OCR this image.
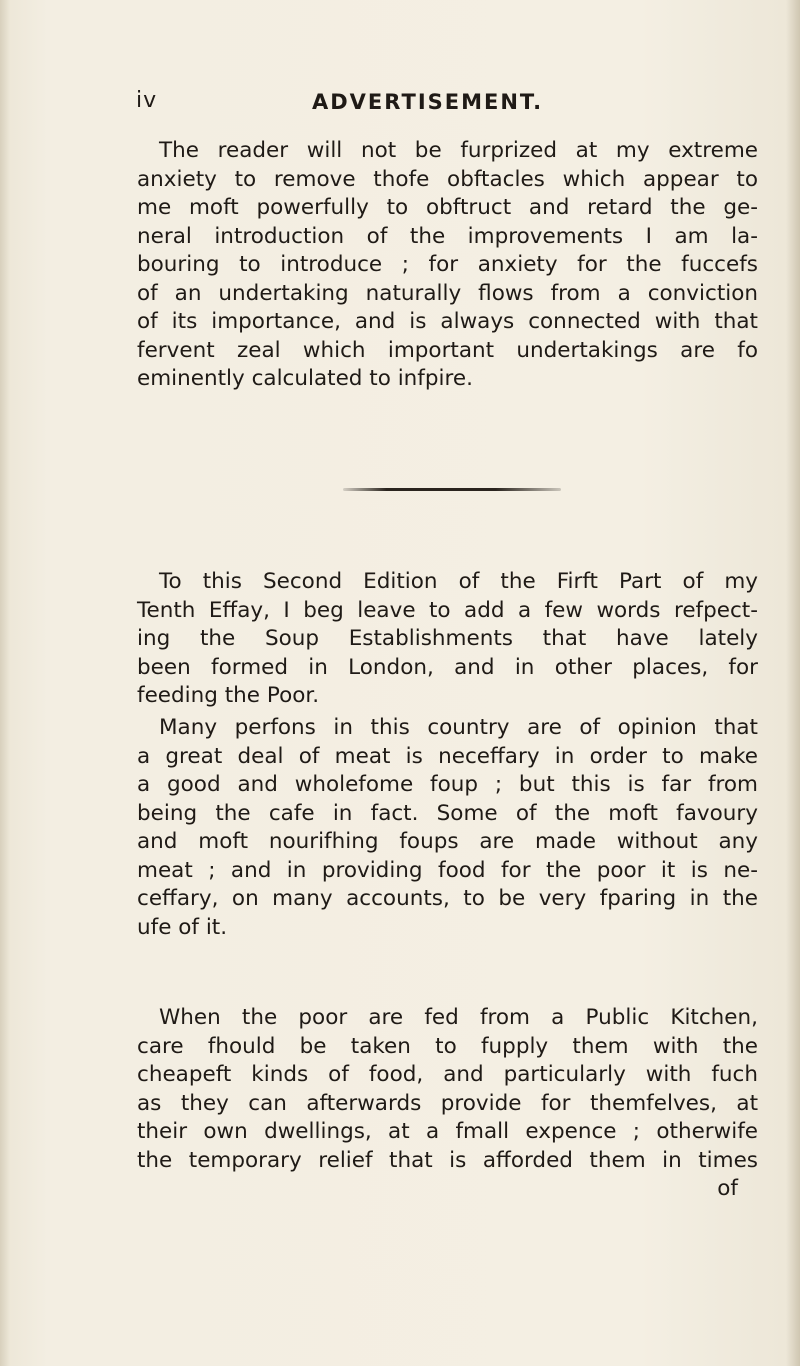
iv	ADVERTISEMENT.
The reader will not be furprized at my extreme
anxiety to remove thofe obftacles which appear to
me moft powerfully to obftruct and retard the ge-
neral introduction of the improvements I am la-
bouring to introduce ; for anxiety for the fuccefs
of an undertaking naturally flows from a conviction
of its importance, and is always connected with that
fervent zeal which important undertakings are fo
eminently calculated to infpire.
To this Second Edition of the Firft Part of my
Tenth Effay, I beg leave to add a few words refpect-
ing the Soup Establishments that have lately
been formed in London, and in other places, for
feeding the Poor.
Many perfons in this country are of opinion that
a great deal of meat is neceffary in order to make
a good and wholefome foup ; but this is far from
being the cafe in fact. Some of the moft favoury
and moft nourifhing foups are made without any
meat ; and in providing food for the poor it is ne-
ceffary, on many accounts, to be very fparing in the
ufe of it.
When the poor are fed from a Public Kitchen,
care fhould be taken to fupply them with the
cheapeft kinds of food, and particularly with fuch
as they can afterwards provide for themfelves, at
their own dwellings, at a fmall expence ; otherwife
the temporary relief that is afforded them in times
of
